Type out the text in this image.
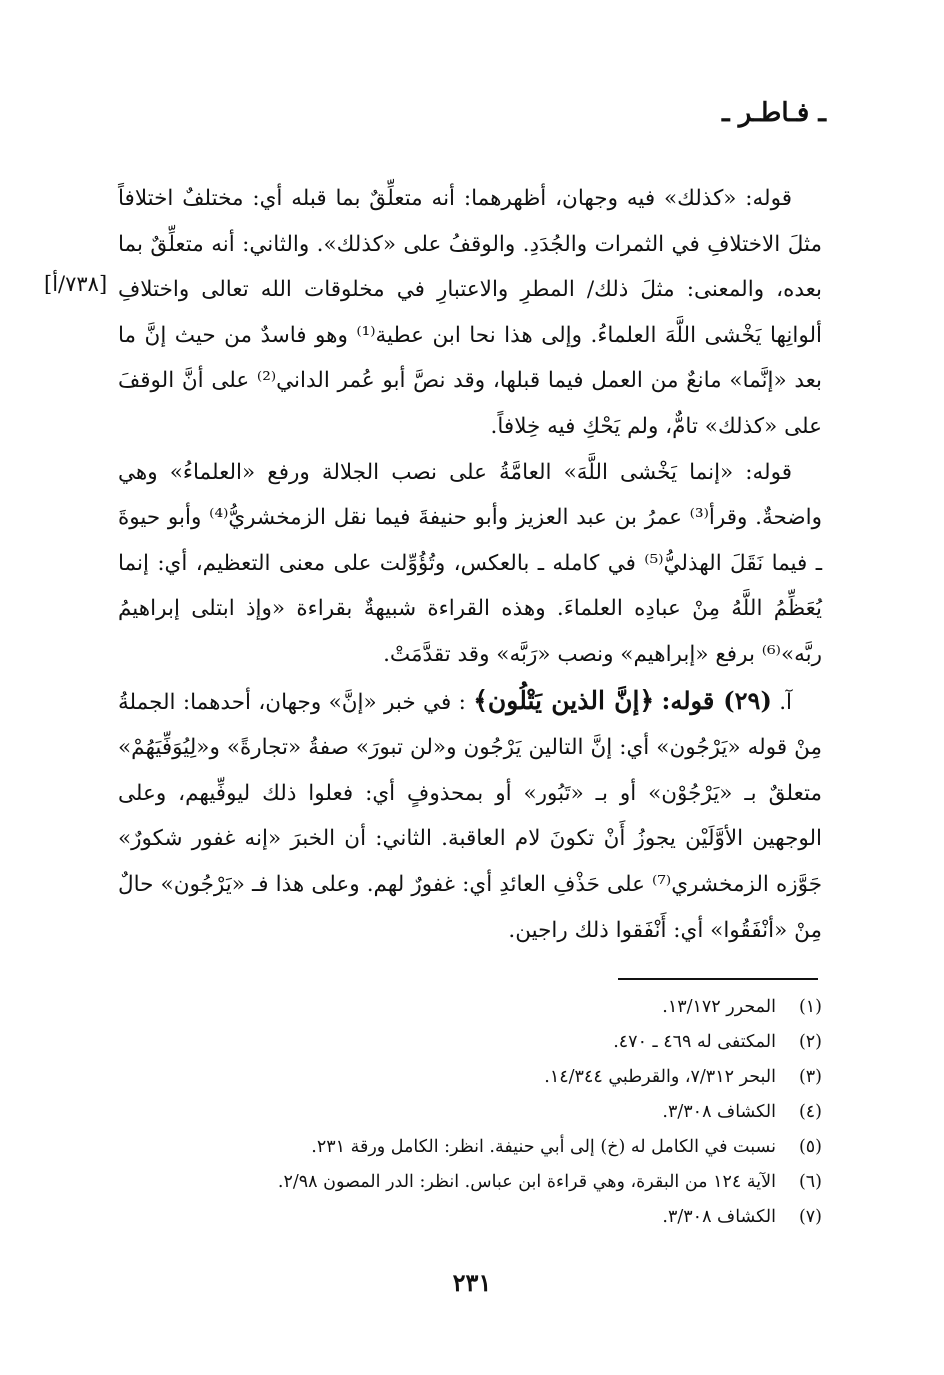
ـ فـاطـر ـ
[٧٣٨/أ]

قوله: «كذلك» فيه وجهان، أظهرهما: أنه متعلِّقٌ بما قبله أي: مختلفٌ اختلافاً مثلَ الاختلافِ في الثمرات والجُدَدِ. والوقفُ على «كذلك». والثاني: أنه متعلِّقٌ بما بعده، والمعنى: مثلَ ذلك/ المطرِ والاعتبارِ في مخلوقات الله تعالى واختلافِ ألوانِها يَخْشى اللَّهَ العلماءُ. وإلى هذا نحا ابن عطية⁽¹⁾ وهو فاسدٌ من حيث إنَّ ما بعد «إنَّما» مانعٌ من العمل فيما قبلها، وقد نصَّ أبو عُمر الداني⁽²⁾ على أنَّ الوقفَ على «كذلك» تامٌّ، ولم يَحْكِ فيه خِلافاً.

قوله: «إنما يَخْشى اللَّهَ» العامَّةُ على نصب الجلالة ورفع «العلماءُ» وهي واضحةٌ. وقرأ⁽³⁾ عمرُ بن عبد العزيز وأبو حنيفةَ فيما نقل الزمخشريُّ⁽⁴⁾ وأبو حيوةَ ـ فيما نَقَلَ الهذليُّ⁽⁵⁾ في كامله ـ بالعكس، وتُؤُوِّلت على معنى التعظيم، أي: إنما يُعَظِّمُ اللَّهُ مِنْ عبادِه العلماءَ. وهذه القراءة شبيهةٌ بقراءة «وإذ ابتلى إبراهيمُ ربَّه»⁽⁶⁾ برفع «إبراهيم» ونصب «رَبَّه» وقد تقدَّمَتْ.

آ. (٢٩) قوله: ﴿إنَّ الذين يَتْلُون﴾ : في خبر «إنَّ» وجهان، أحدهما: الجملةُ مِنْ قوله «يَرْجُون» أي: إنَّ التالين يَرْجُون و«لن تبورَ» صفةُ «تجارةً» و«لِيُوَفِّيَهُمْ» متعلقٌ بـ «يَرْجُوْن» أو بـ «تَبُور» أو بمحذوفٍ أي: فعلوا ذلك ليوفِّيهم، وعلى الوجهين الأوَّلَيْن يجوزُ أَنْ تكونَ لام العاقبة. الثاني: أن الخبرَ «إنه غفور شكورٌ» جَوَّزه الزمخشري⁽⁷⁾ على حَذْفِ العائدِ أي: غفورٌ لهم. وعلى هذا فـ «يَرْجُون» حالٌ مِنْ «أنْفَقُوا» أي: أَنْفَقوا ذلك راجين.

(١)
المحرر ١٣/١٧٢.
(٢)
المكتفى له ٤٦٩ ـ ٤٧٠.
(٣)
البحر ٧/٣١٢، والقرطبي ١٤/٣٤٤.
(٤)
الكشاف ٣/٣٠٨.
(٥)
نسبت في الكامل له (خ) إلى أبي حنيفة. انظر: الكامل ورقة ٢٣١.
(٦)
الآية ١٢٤ من البقرة، وهي قراءة ابن عباس. انظر: الدر المصون ٢/٩٨.
(٧)
الكشاف ٣/٣٠٨.
٢٣١
